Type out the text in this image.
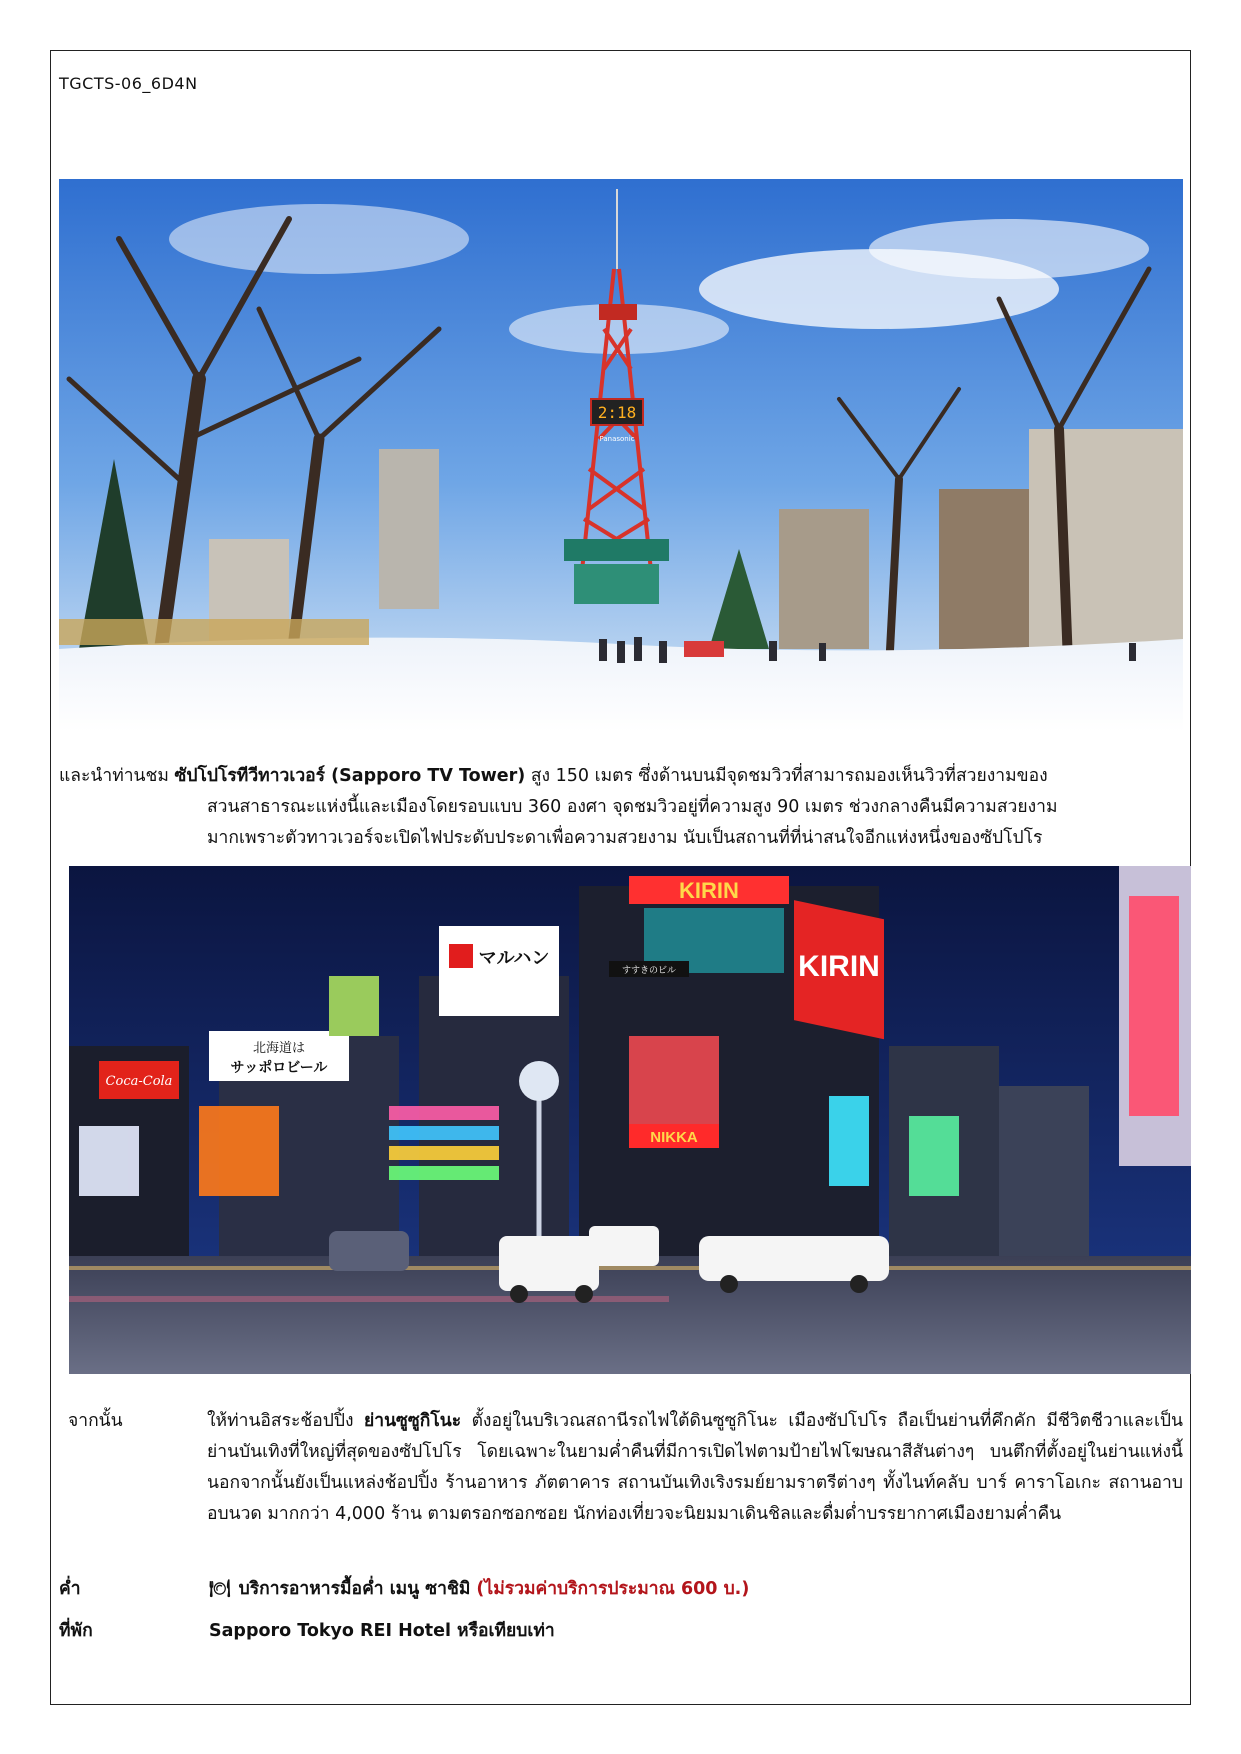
TGCTS-06_6D4N
2:18
Panasonic
และนำท่านชม ซัปโปโรทีวีทาวเวอร์ (Sapporo TV Tower) สูง 150 เมตร ซึ่งด้านบนมีจุดชมวิวที่สามารถมองเห็นวิวที่สวยงามของ
สวนสาธารณะแห่งนี้และเมืองโดยรอบแบบ 360 องศา จุดชมวิวอยู่ที่ความสูง 90 เมตร ช่วงกลางคืนมีความสวยงาม
มากเพราะตัวทาวเวอร์จะเปิดไฟประดับประดาเพื่อความสวยงาม นับเป็นสถานที่ที่น่าสนใจอีกแห่งหนึ่งของซัปโปโร
KIRIN
KIRIN
マルハン
北海道は
サッポロビール
Coca-Cola
すすきのビル
NIKKA
จากนั้น	ให้ท่านอิสระช้อปปิ้ง ย่านซูซูกิโนะ ตั้งอยู่ในบริเวณสถานีรถไฟใต้ดินซูซูกิโนะ เมืองซัปโปโร ถือเป็นย่านที่คึกคัก มีชีวิตชีวาและเป็นย่านบันเทิงที่ใหญ่ที่สุดของซัปโปโร โดยเฉพาะในยามค่ำคืนที่มีการเปิดไฟตามป้ายไฟโฆษณาสีสันต่างๆ บนตึกที่ตั้งอยู่ในย่านแห่งนี้ นอกจากนั้นยังเป็นแหล่งช้อปปิ้ง ร้านอาหาร ภัตตาคาร สถานบันเทิงเริงรมย์ยามราตรีต่างๆ ทั้งไนท์คลับ บาร์ คาราโอเกะ สถานอาบอบนวด มากกว่า 4,000 ร้าน ตามตรอกซอกซอย นักท่องเที่ยวจะนิยมมาเดินชิลและดื่มด่ำบรรยากาศเมืองยามค่ำคืน
ค่ำ	🍽 บริการอาหารมื้อค่ำ เมนู ซาชิมิ (ไม่รวมค่าบริการประมาณ 600 บ.)
ที่พัก	Sapporo Tokyo REI Hotel หรือเทียบเท่า
